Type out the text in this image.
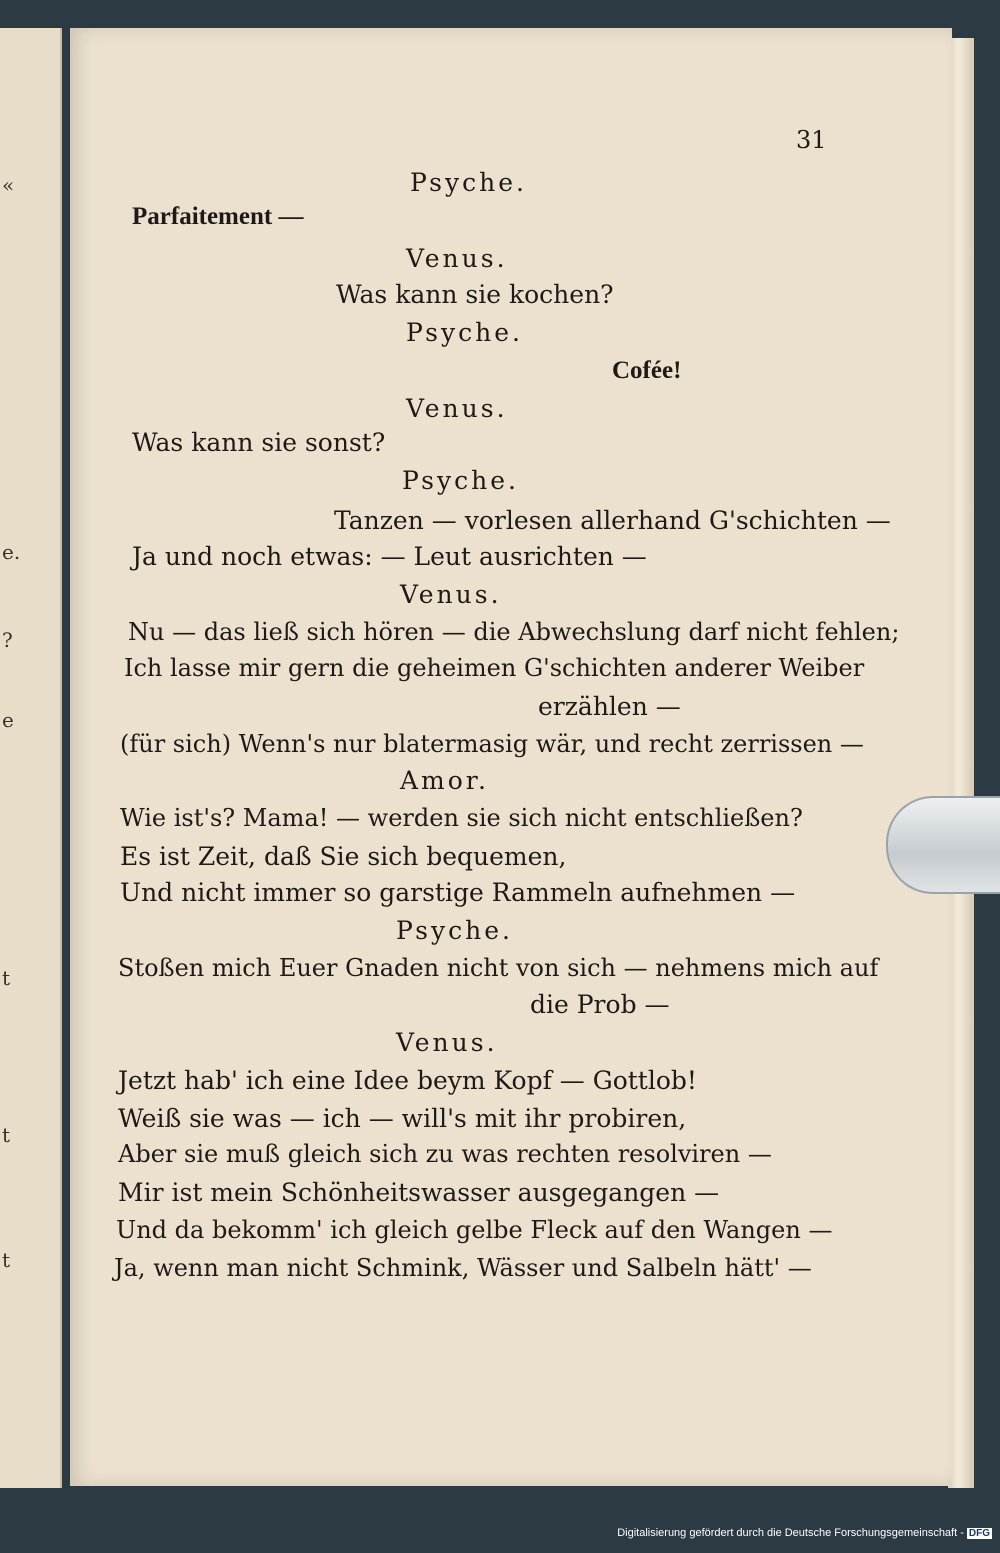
«
e.
?
e
t
t
t
31
Psyche.
Parfaitement —
Venus.
Was kann sie kochen?
Psyche.
Cofée!
Venus.
Was kann sie sonst?
Psyche.
Tanzen — vorlesen allerhand G'schichten —
Ja und noch etwas: — Leut ausrichten —
Venus.
Nu — das ließ sich hören — die Abwechslung darf nicht fehlen;
Ich lasse mir gern die geheimen G'schichten anderer Weiber
erzählen —
(für sich) Wenn's nur blatermasig wär, und recht zerrissen —
Amor.
Wie ist's? Mama! — werden sie sich nicht entschließen?
Es ist Zeit, daß Sie sich bequemen,
Und nicht immer so garstige Rammeln aufnehmen —
Psyche.
Stoßen mich Euer Gnaden nicht von sich — nehmens mich auf
die Prob —
Venus.
Jetzt hab' ich eine Idee beym Kopf — Gottlob!
Weiß sie was — ich — will's mit ihr probiren,
Aber sie muß gleich sich zu was rechten resolviren —
Mir ist mein Schönheitswasser ausgegangen —
Und da bekomm' ich gleich gelbe Fleck auf den Wangen —
Ja, wenn man nicht Schmink, Wässer und Salbeln hätt' —
Digitalisierung gefördert durch die Deutsche Forschungsgemeinschaft - DFG
